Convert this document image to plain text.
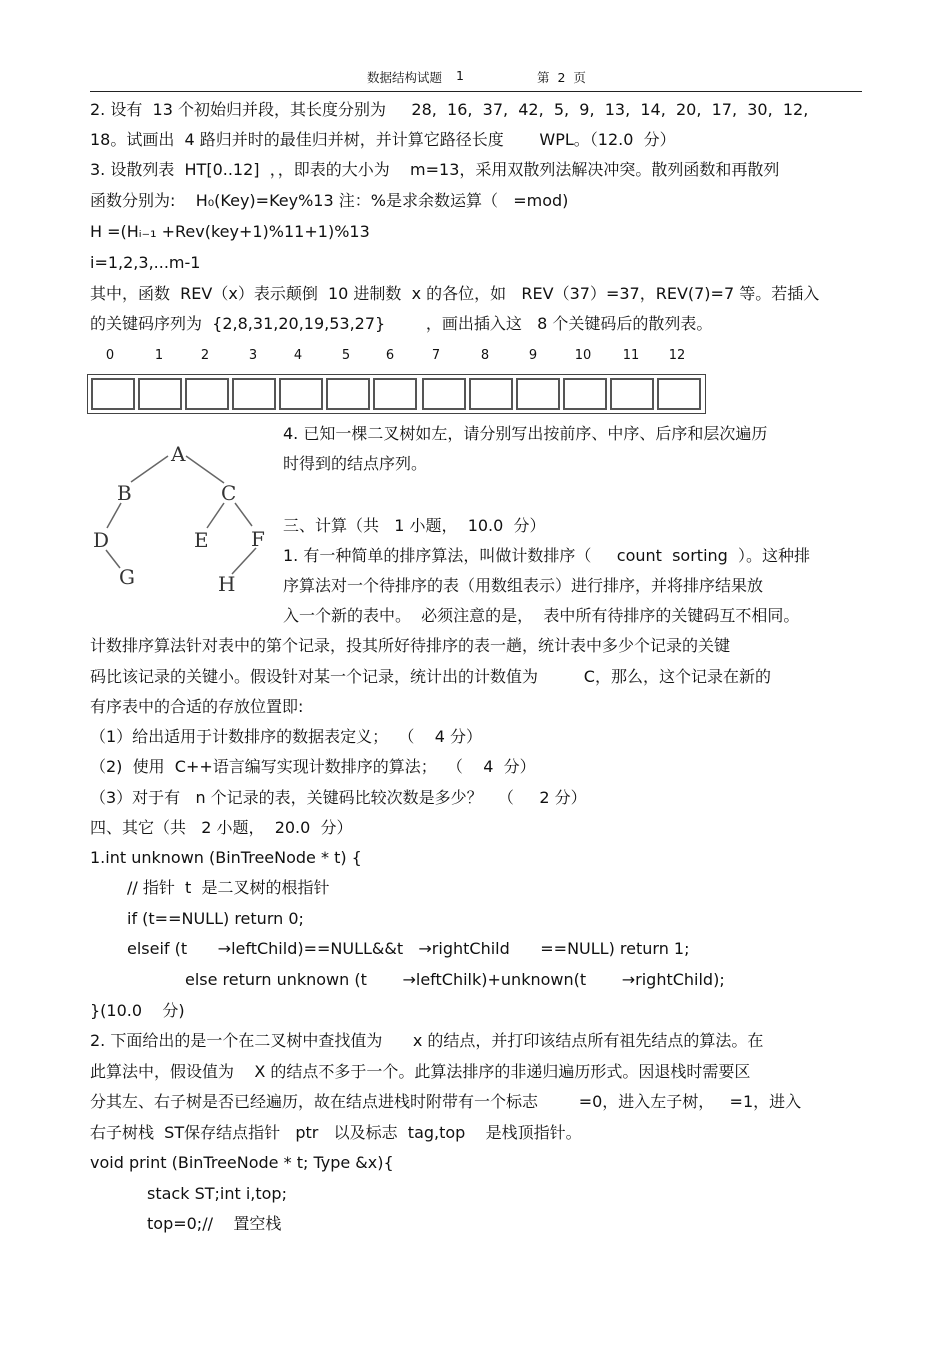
数据结构试题 1	第  2  页
2. 设有  13 个初始归并段，其长度分别为     28,  16,  37,  42,  5,  9,  13,  14,  20,  17,  30,  12,
18。试画出  4 路归并时的最佳归并树，并计算它路径长度       WPL。（12.0  分）
3. 设散列表  HT[0..12]  ，，即表的大小为    m=13，采用双散列法解决冲突。散列函数和再散列
函数分别为:    H₀(Key)=Key%13 注：%是求余数运算（   =mod)
H =(Hᵢ₋₁ +Rev(key+1)%11+1)%13
i=1,2,3,...m-1
其中，函数  REV（x）表示颠倒  10 进制数  x 的各位，如   REV（37）=37，REV(7)=7 等。若插入
的关键码序列为  {2,8,31,20,19,53,27}        ，画出插入这   8 个关键码后的散列表。
0	1	2	3	4	5	6	7	8	9	10 11 12
A
B	C
D	E F
G	H
4. 已知一棵二叉树如左，请分别写出按前序、中序、后序和层次遍历
时得到的结点序列。
三、计算（共   1 小题，  10.0  分）
1. 有一种简单的排序算法，叫做计数排序（     count  sorting  ）。这种排
序算法对一个待排序的表（用数组表示）进行排序，并将排序结果放
入一个新的表中。  必须注意的是，  表中所有待排序的关键码互不相同。
计数排序算法针对表中的第个记录，投其所好待排序的表一趟，统计表中多少个记录的关键
码比该记录的关键小。假设针对某一个记录，统计出的计数值为         C，那么，这个记录在新的
有序表中的合适的存放位置即:
（1）给出适用于计数排序的数据表定义；  （    4 分）
（2)  使用  C++语言编写实现计数排序的算法；  （    4  分）
（3）对于有   n 个记录的表，关键码比较次数是多少？   （     2 分）
四、其它（共   2 小题，  20.0  分）
1.int unknown (BinTreeNode * t) {
// 指针  t  是二叉树的根指针
if (t==NULL) return 0;
elseif (t      →leftChild)==NULL&&t   →rightChild      ==NULL) return 1;
else return unknown (t       →leftChilk)+unknown(t       →rightChild);
}(10.0    分)
2. 下面给出的是一个在二叉树中查找值为      x 的结点，并打印该结点所有祖先结点的算法。在
此算法中，假设值为    X 的结点不多于一个。此算法排序的非递归遍历形式。因退栈时需要区
分其左、右子树是否已经遍历，故在结点进栈时附带有一个标志        =0，进入左子树，   =1，进入
右子树栈  ST保存结点指针   ptr   以及标志  tag,top    是栈顶指针。
void print (BinTreeNode * t; Type &x){
stack ST;int i,top;
top=0;//    置空栈
